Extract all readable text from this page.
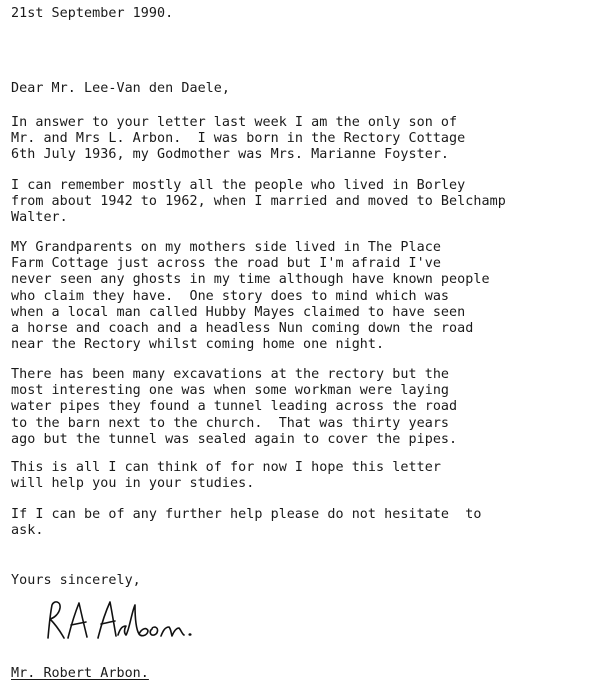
21st September 1990.
Dear Mr. Lee-Van den Daele,
In answer to your letter last week I am the only son of
Mr. and Mrs L. Arbon.  I was born in the Rectory Cottage
6th July 1936, my Godmother was Mrs. Marianne Foyster.
I can remember mostly all the people who lived in Borley
from about 1942 to 1962, when I married and moved to Belchamp
Walter.
MY Grandparents on my mothers side lived in The Place
Farm Cottage just across the road but I'm afraid I've
never seen any ghosts in my time although have known people
who claim they have.  One story does to mind which was
when a local man called Hubby Mayes claimed to have seen
a horse and coach and a headless Nun coming down the road
near the Rectory whilst coming home one night.
There has been many excavations at the rectory but the
most interesting one was when some workman were laying
water pipes they found a tunnel leading across the road
to the barn next to the church.  That was thirty years
ago but the tunnel was sealed again to cover the pipes.
This is all I can think of for now I hope this letter
will help you in your studies.
If I can be of any further help please do not hesitate  to
ask.
Yours sincerely,
Mr. Robert Arbon.
